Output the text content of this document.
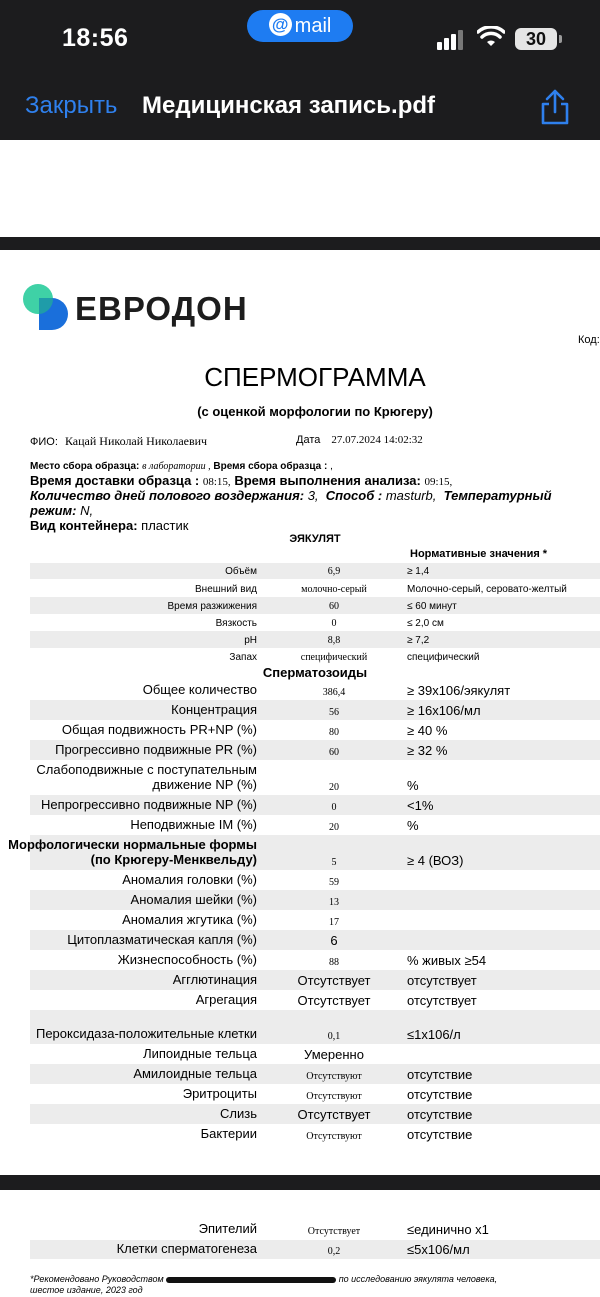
18:56	@ mail
30
Закрыть Медицинская запись.pdf
ЕВРОДОН
Код:
СПЕРМОГРАММА
(с оценкой морфологии по Крюгеру)
ФИО: Кацай Николай Николаевич	Дата 27.07.2024 14:02:32
Место сбора образца: в лаборатории , Время сбора образца : ,
Время доставки образца : 08:15, Время выполнения анализа: 09:15,
Количество дней полового воздержания: 3, Способ : masturb, Температурный режим: N,
Вид контейнера: пластик
ЭЯКУЛЯТ
Нормативные значения *
Объём	6,9	≥ 1,4
Внешний вид	молочно-серый	Молочно-серый, серовато-желтый
Время разжижения	60	≤ 60 минут
Вязкость	0	≤ 2,0 см
pH	8,8	≥ 7,2
Запах	специфический	специфический
Сперматозоиды
Общее количество	386,4	≥ 39x106/эякулят
Концентрация	56	≥ 16x106/мл
Общая подвижность PR+NP (%)	80	≥ 40 %
Прогрессивно подвижные PR (%)	60	≥ 32 %
Слабоподвижные с поступательным движение NP (%)	20	%
Непрогрессивно подвижные NP (%)	0	<1%
Неподвижные IM (%)	20	%
Морфологически нормальные формы (по Крюгеру-Менквельду)	5	≥ 4 (ВОЗ)
Аномалия головки (%)	59
Аномалия шейки (%)	13
Аномалия жгутика (%)	17
Цитоплазматическая капля (%)	6
Жизнеспособность (%)	88	% живых ≥54
Агглютинация	Отсутствует	отсутствует
Агрегация	Отсутствует	отсутствует
Пероксидаза-положительные клетки	0,1	≤1x106/л
Липоидные тельца	Умеренно
Амилоидные тельца	Отсутствуют	отсутствие
Эритроциты	Отсутствуют	отсутствие
Слизь	Отсутствует	отсутствие
Бактерии	Отсутствуют	отсутствие
Эпителий	Отсутствует	≤единично х1
Клетки сперматогенеза	0,2	≤5x106/мл
*Рекомендовано Руководством	по исследованию эякулята человека,
шестое издание, 2023 год
